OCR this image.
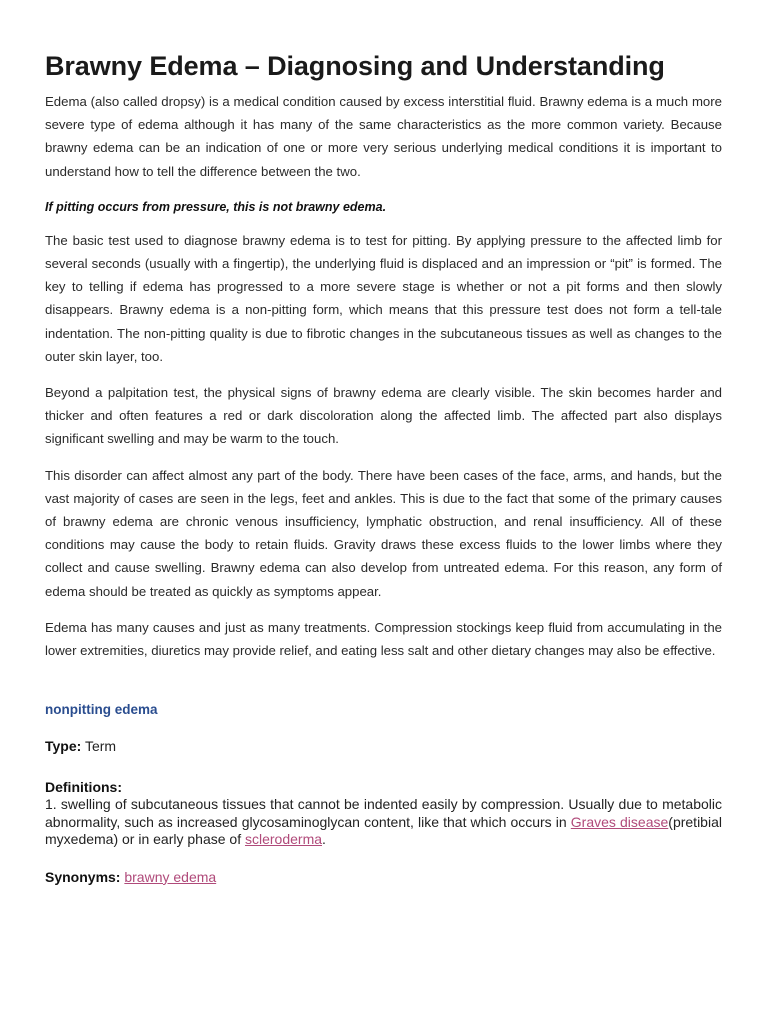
Brawny Edema – Diagnosing and Understanding

Edema (also called dropsy) is a medical condition caused by excess interstitial fluid. Brawny edema is a much more severe type of edema although it has many of the same characteristics as the more common variety. Because brawny edema can be an indication of one or more very serious underlying medical conditions it is important to understand how to tell the difference between the two.

If pitting occurs from pressure, this is not brawny edema.

The basic test used to diagnose brawny edema is to test for pitting. By applying pressure to the affected limb for several seconds (usually with a fingertip), the underlying fluid is displaced and an impression or “pit” is formed. The key to telling if edema has progressed to a more severe stage is whether or not a pit forms and then slowly disappears. Brawny edema is a non-pitting form, which means that this pressure test does not form a tell-tale indentation. The non-pitting quality is due to fibrotic changes in the subcutaneous tissues as well as changes to the outer skin layer, too.

Beyond a palpitation test, the physical signs of brawny edema are clearly visible. The skin becomes harder and thicker and often features a red or dark discoloration along the affected limb. The affected part also displays significant swelling and may be warm to the touch.

This disorder can affect almost any part of the body. There have been cases of the face, arms, and hands, but the vast majority of cases are seen in the legs, feet and ankles. This is due to the fact that some of the primary causes of brawny edema are chronic venous insufficiency, lymphatic obstruction, and renal insufficiency. All of these conditions may cause the body to retain fluids. Gravity draws these excess fluids to the lower limbs where they collect and cause swelling. Brawny edema can also develop from untreated edema. For this reason, any form of edema should be treated as quickly as symptoms appear.

Edema has many causes and just as many treatments. Compression stockings keep fluid from accumulating in the lower extremities, diuretics may provide relief, and eating less salt and other dietary changes may also be effective.

nonpitting edema
Type: Term
Definitions:

1. swelling of subcutaneous tissues that cannot be indented easily by compression. Usually due to metabolic abnormality, such as increased glycosaminoglycan content, like that which occurs in Graves disease(pretibial myxedema) or in early phase of scleroderma.

Synonyms: brawny edema
